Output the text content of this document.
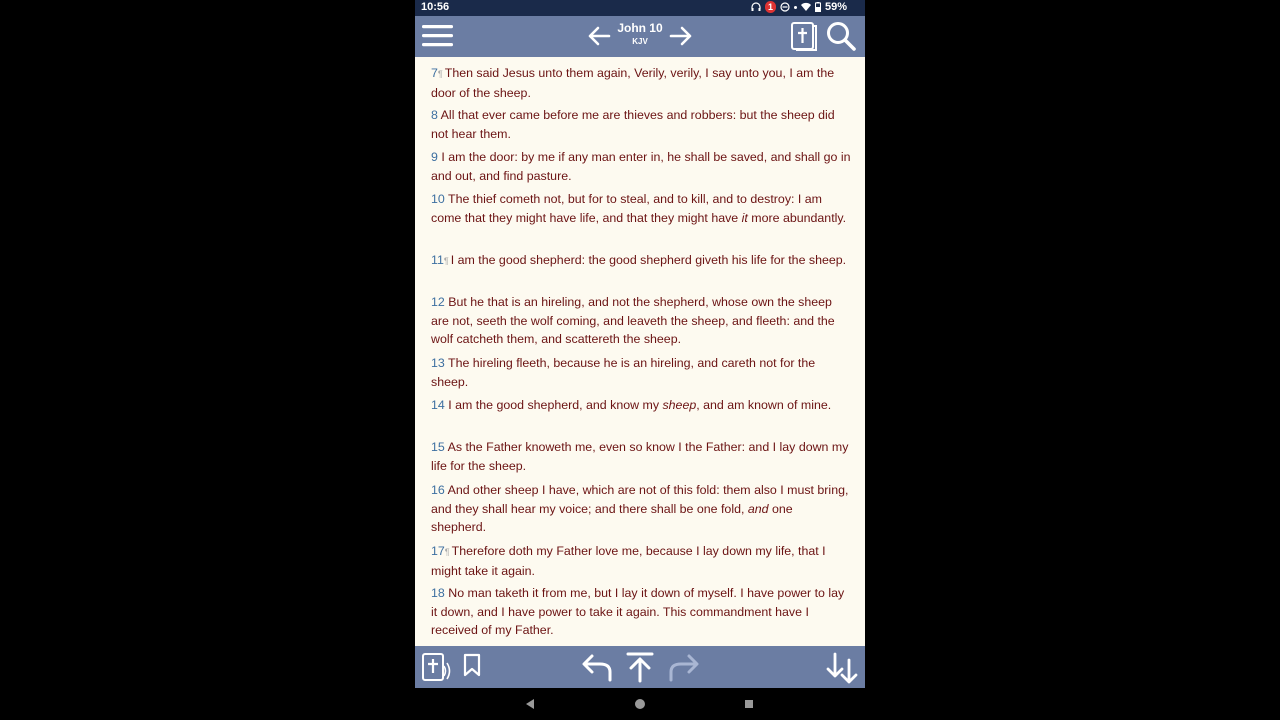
10:56	1	59%
John 10
KJV
7¶ Then said Jesus unto them again, Verily, verily, I say unto you, I am the door of the sheep.
8 All that ever came before me are thieves and robbers: but the sheep did not hear them.
9 I am the door: by me if any man enter in, he shall be saved, and shall go in and out, and find pasture.
10 The thief cometh not, but for to steal, and to kill, and to destroy: I am come that they might have life, and that they might have it more abundantly.
11¶ I am the good shepherd: the good shepherd giveth his life for the sheep.
12 But he that is an hireling, and not the shepherd, whose own the sheep are not, seeth the wolf coming, and leaveth the sheep, and fleeth: and the wolf catcheth them, and scattereth the sheep.
13 The hireling fleeth, because he is an hireling, and careth not for the sheep.
14 I am the good shepherd, and know my sheep, and am known of mine.
15 As the Father knoweth me, even so know I the Father: and I lay down my life for the sheep.
16 And other sheep I have, which are not of this fold: them also I must bring, and they shall hear my voice; and there shall be one fold, and one shepherd.
17¶ Therefore doth my Father love me, because I lay down my life, that I might take it again.
18 No man taketh it from me, but I lay it down of myself. I have power to lay it down, and I have power to take it again. This commandment have I received of my Father.
